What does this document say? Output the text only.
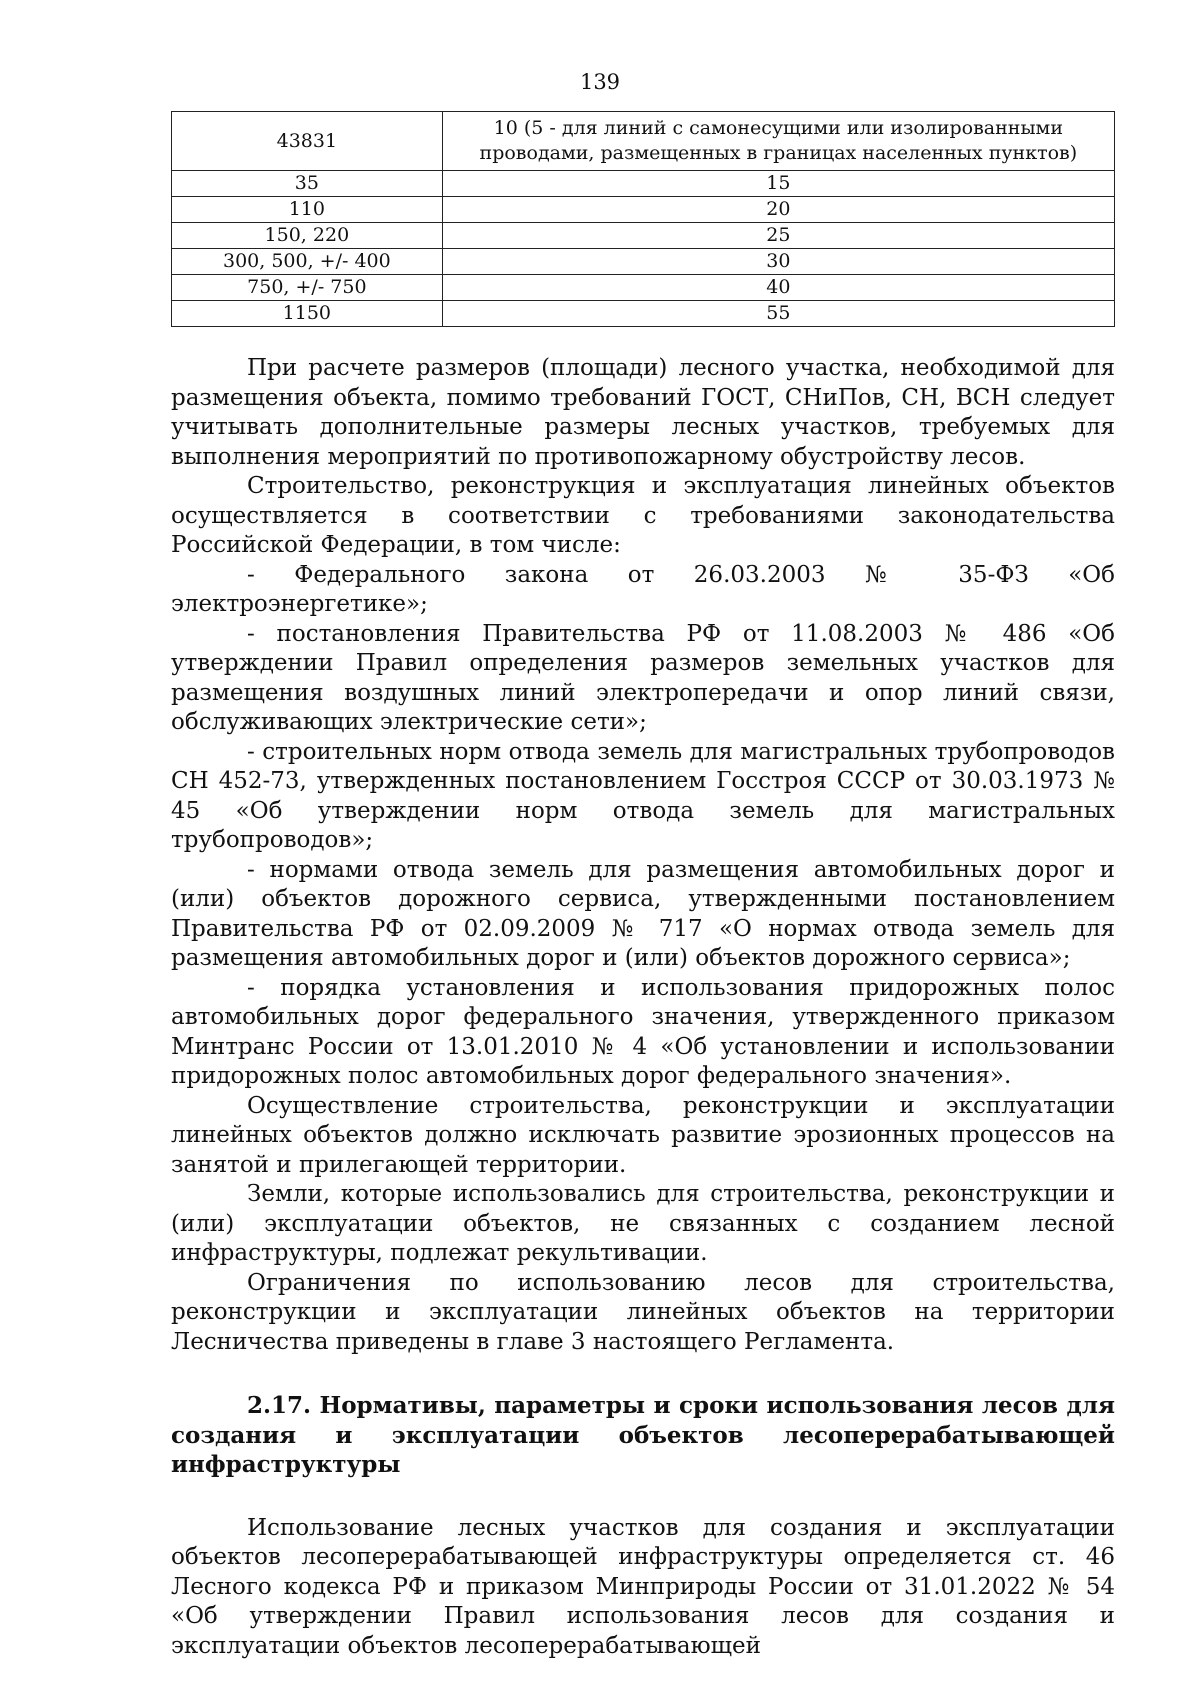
139
43831	10 (5 - для линий с самонесущими или изолированными проводами, размещенных в границах населенных пунктов)
35	15
110	20
150, 220	25
300, 500, +/- 400	30
750, +/- 750	40
1150	55

При расчете размеров (площади) лесного участка, необходимой для размещения объекта, помимо требований ГОСТ, СНиПов, СН, ВСН следует учитывать дополнительные размеры лесных участков, требуемых для выполнения мероприятий по противопожарному обустройству лесов.

Строительство, реконструкция и эксплуатация линейных объектов осуществляется в соответствии с требованиями законодательства Российской Федерации, в том числе:

- Федерального закона от 26.03.2003 № 35-ФЗ «Об электроэнергетике»;

- постановления Правительства РФ от 11.08.2003 № 486 «Об утверждении Правил определения размеров земельных участков для размещения воздушных линий электропередачи и опор линий связи, обслуживающих электрические сети»;

- строительных норм отвода земель для магистральных трубопроводов СН 452-73, утвержденных постановлением Госстроя СССР от 30.03.1973 № 45 «Об утверждении норм отвода земель для магистральных трубопроводов»;

- нормами отвода земель для размещения автомобильных дорог и (или) объектов дорожного сервиса, утвержденными постановлением Правительства РФ от 02.09.2009 № 717 «О нормах отвода земель для размещения автомобильных дорог и (или) объектов дорожного сервиса»;

- порядка установления и использования придорожных полос автомобильных дорог федерального значения, утвержденного приказом Минтранс России от 13.01.2010 № 4 «Об установлении и использовании придорожных полос автомобильных дорог федерального значения».

Осуществление строительства, реконструкции и эксплуатации линейных объектов должно исключать развитие эрозионных процессов на занятой и прилегающей территории.

Земли, которые использовались для строительства, реконструкции и (или) эксплуатации объектов, не связанных с созданием лесной инфраструктуры, подлежат рекультивации.

Ограничения по использованию лесов для строительства, реконструкции и эксплуатации линейных объектов на территории Лесничества приведены в главе 3 настоящего Регламента.

2.17. Нормативы, параметры и сроки использования лесов для создания и эксплуатации объектов лесоперерабатывающей инфраструктуры

Использование лесных участков для создания и эксплуатации объектов лесоперерабатывающей инфраструктуры определяется ст. 46 Лесного кодекса РФ и приказом Минприроды России от 31.01.2022 № 54 «Об утверждении Правил использования лесов для создания и эксплуатации объектов лесоперерабатывающей
